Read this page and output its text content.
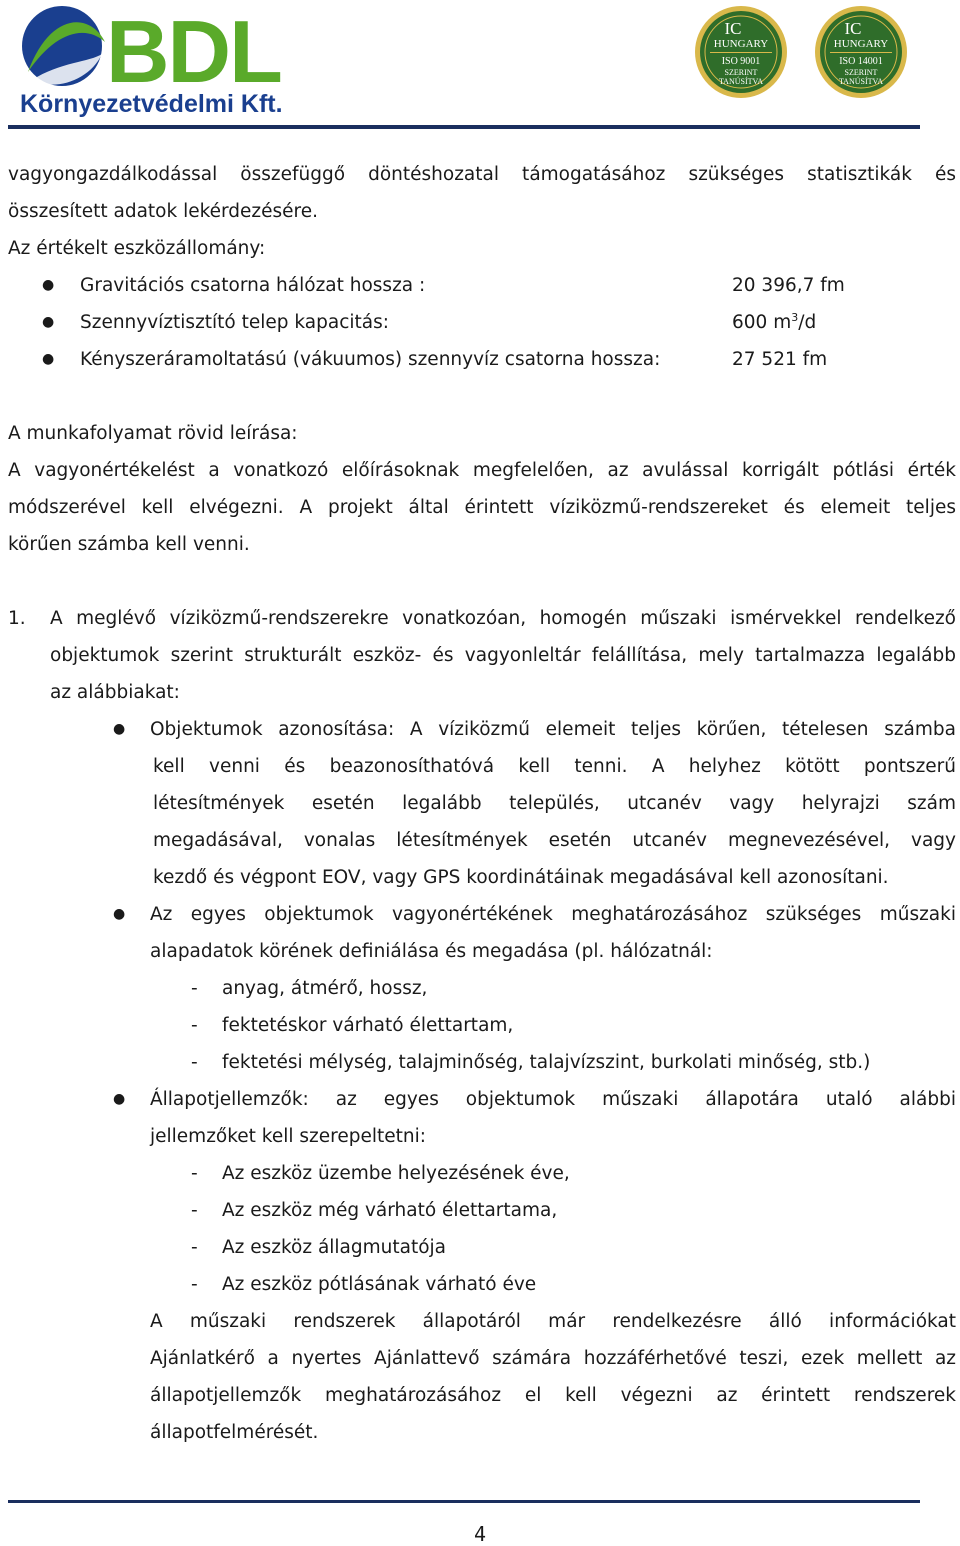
BDL
Környezetvédelmi Kft.
IC
HUNGARY
ISO 9001
SZERINT
TANÚSÍTVA
IC
HUNGARY
ISO 14001
SZERINT
TANÚSÍTVA
vagyongazdálkodással összefüggő döntéshozatal támogatásához szükséges statisztikák és
összesített adatok lekérdezésére.
Az értékelt eszközállomány:
● Gravitációs csatorna hálózat hossza :	20 396,7 fm
● Szennyvíztisztító telep kapacitás:	600 $m^3/d$
● Kényszeráramoltatású (vákuumos) szennyvíz csatorna hossza:	27 521 fm
A munkafolyamat rövid leírása:
A vagyonértékelést a vonatkozó előírásoknak megfelelően, az avulással korrigált pótlási érték
módszerével kell elvégezni. A projekt által érintett víziközmű-rendszereket és elemeit teljes
körűen számba kell venni.
1. A meglévő víziközmű-rendszerekre vonatkozóan, homogén műszaki ismérvekkel rendelkező
objektumok szerint strukturált eszköz- és vagyonleltár felállítása, mely tartalmazza legalább
az alábbiakat:
● Objektumok azonosítása: A víziközmű elemeit teljes körűen, tételesen számba
kell venni és beazonosíthatóvá kell tenni. A helyhez kötött pontszerű
létesítmények esetén legalább település, utcanév vagy helyrajzi szám
megadásával, vonalas létesítmények esetén utcanév megnevezésével, vagy
kezdő és végpont EOV, vagy GPS koordinátáinak megadásával kell azonosítani.
● Az egyes objektumok vagyonértékének meghatározásához szükséges műszaki
alapadatok körének definiálása és megadása (pl. hálózatnál:
- anyag, átmérő, hossz,
- fektetéskor várható élettartam,
- fektetési mélység, talajminőség, talajvízszint, burkolati minőség, stb.)
● Állapotjellemzők: az egyes objektumok műszaki állapotára utaló alábbi
jellemzőket kell szerepeltetni:
- Az eszköz üzembe helyezésének éve,
- Az eszköz még várható élettartama,
- Az eszköz állagmutatója
- Az eszköz pótlásának várható éve
A műszaki rendszerek állapotáról már rendelkezésre álló információkat
Ajánlatkérő a nyertes Ajánlattevő számára hozzáférhetővé teszi, ezek mellett az
állapotjellemzők meghatározásához el kell végezni az érintett rendszerek
állapotfelmérését.
4
